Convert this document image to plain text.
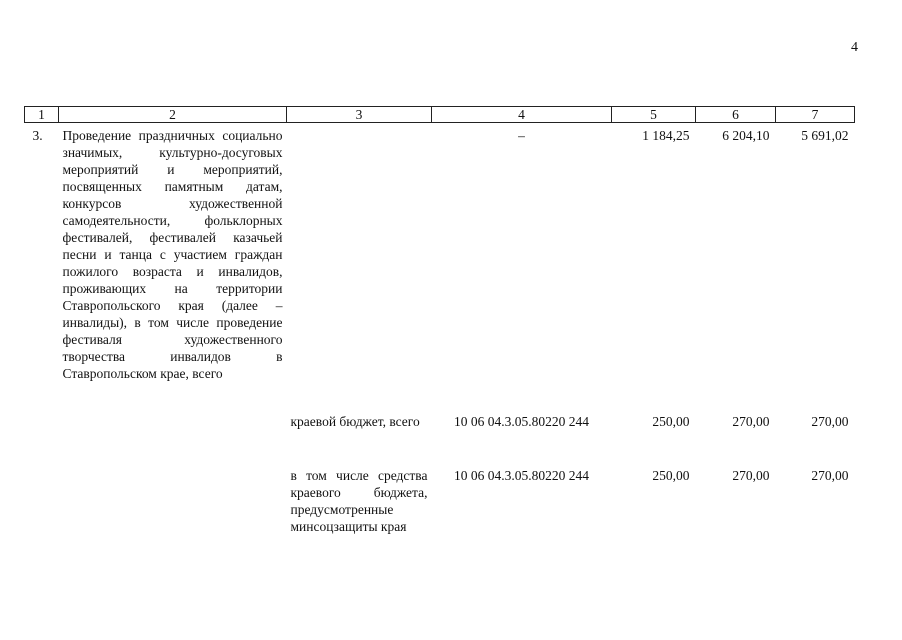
4
1	2	3	4	5	6	7
3.	Проведение праздничных социально значимых, культурно-досуговых мероприятий и мероприятий, посвященных памятным датам, конкурсов художественной самодеятельности, фольклорных фестивалей, фестивалей казачьей песни и танца с участием граждан пожилого возраста и инвалидов, проживающих на территории Ставропольского края (далее – инвалиды), в том числе проведение фестиваля художественного творчества инвалидов в Ставропольском крае, всего		–	1 184,25	6 204,10	5 691,02
		краевой бюджет, всего	10 06 04.3.05.80220 244	250,00	270,00	270,00
		в том числе средства краевого бюджета, предусмотренные минсоцзащиты края	10 06 04.3.05.80220 244	250,00	270,00	270,00
